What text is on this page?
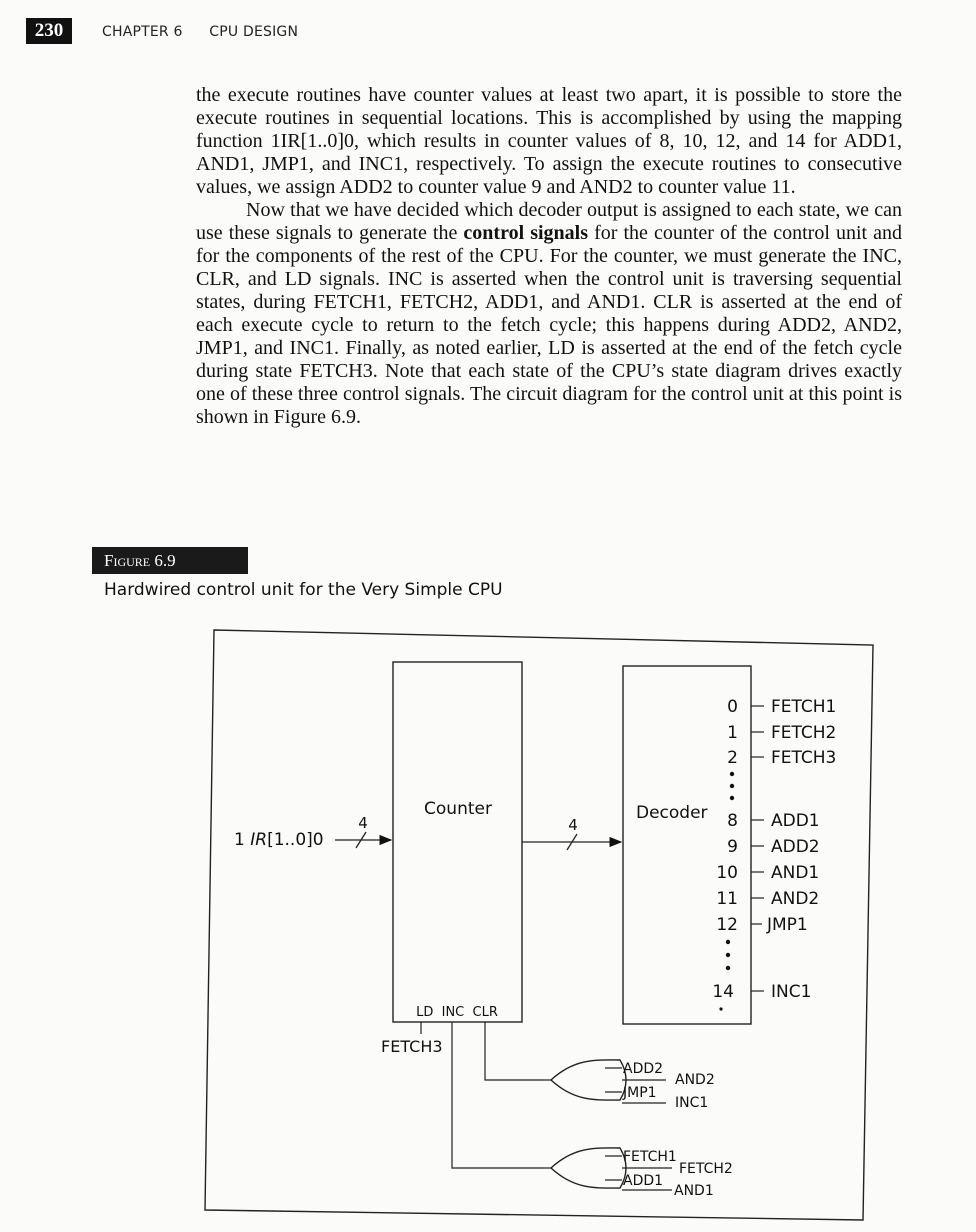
230	CHAPTER 6 CPU DESIGN

the execute routines have counter values at least two apart, it is possible to store the execute routines in sequential locations. This is accomplished by using the mapping function 1IR[1..0]0, which results in counter values of 8, 10, 12, and 14 for ADD1, AND1, JMP1, and INC1, respectively. To assign the execute routines to consecutive values, we assign ADD2 to counter value 9 and AND2 to counter value 11.

Now that we have decided which decoder output is assigned to each state, we can use these signals to generate the control signals for the counter of the control unit and for the components of the rest of the CPU. For the counter, we must generate the INC, CLR, and LD signals. INC is asserted when the control unit is traversing sequential states, during FETCH1, FETCH2, ADD1, and AND1. CLR is asserted at the end of each execute cycle to return to the fetch cycle; this happens during ADD2, AND2, JMP1, and INC1. Finally, as noted earlier, LD is asserted at the end of the fetch cycle during state FETCH3. Note that each state of the CPU’s state diagram drives exactly one of these three control signals. The circuit diagram for the control unit at this point is shown in Figure 6.9.

Figure 6.9
Hardwired control unit for the Very Simple CPU
Counter
LD  INC  CLR
1 IR[1..0]0
4	4
Decoder
0 FETCH1
1 FETCH2
2 FETCH3
8 ADD1
9 ADD2
10 AND1
11 AND2
12 JMP1
14 INC1
FETCH3
ADD2
JMP1
AND2
INC1
FETCH1
ADD1
FETCH2
AND1
